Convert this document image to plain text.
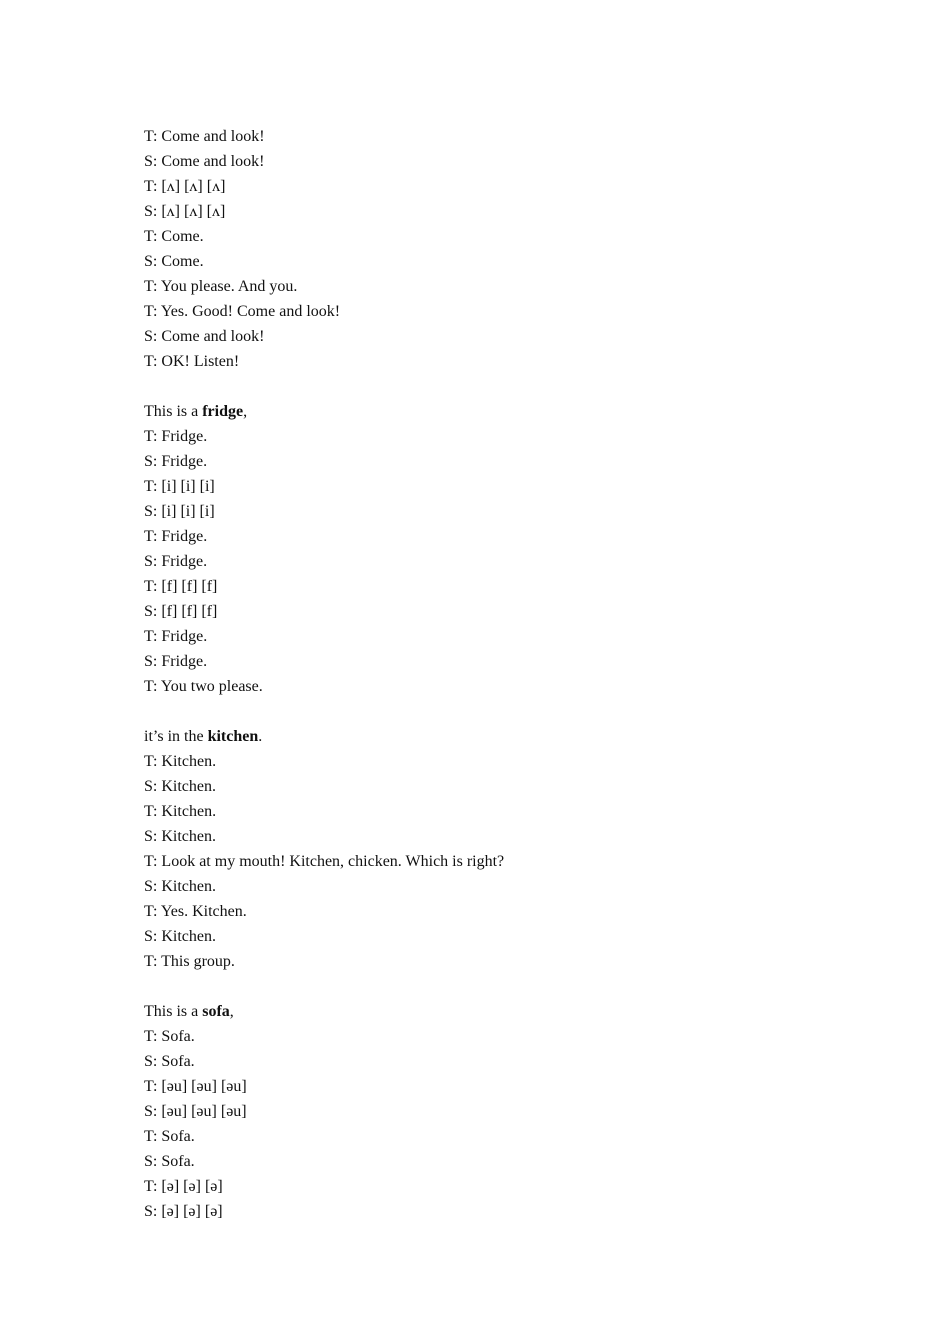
T: Come and look!
S: Come and look!
T: [ʌ] [ʌ] [ʌ]
S: [ʌ] [ʌ] [ʌ]
T: Come.
S: Come.
T: You please. And you.
T: Yes. Good! Come and look!
S: Come and look!
T: OK! Listen!
This is a fridge,
T: Fridge.
S: Fridge.
T: [i] [i] [i]
S: [i] [i] [i]
T: Fridge.
S: Fridge.
T: [f] [f] [f]
S: [f] [f] [f]
T: Fridge.
S: Fridge.
T: You two please.
it’s in the kitchen.
T: Kitchen.
S: Kitchen.
T: Kitchen.
S: Kitchen.
T: Look at my mouth! Kitchen, chicken. Which is right?
S: Kitchen.
T: Yes. Kitchen.
S: Kitchen.
T: This group.
This is a sofa,
T: Sofa.
S: Sofa.
T: [əu] [əu] [əu]
S: [əu] [əu] [əu]
T: Sofa.
S: Sofa.
T: [ə] [ə] [ə]
S: [ə] [ə] [ə]
